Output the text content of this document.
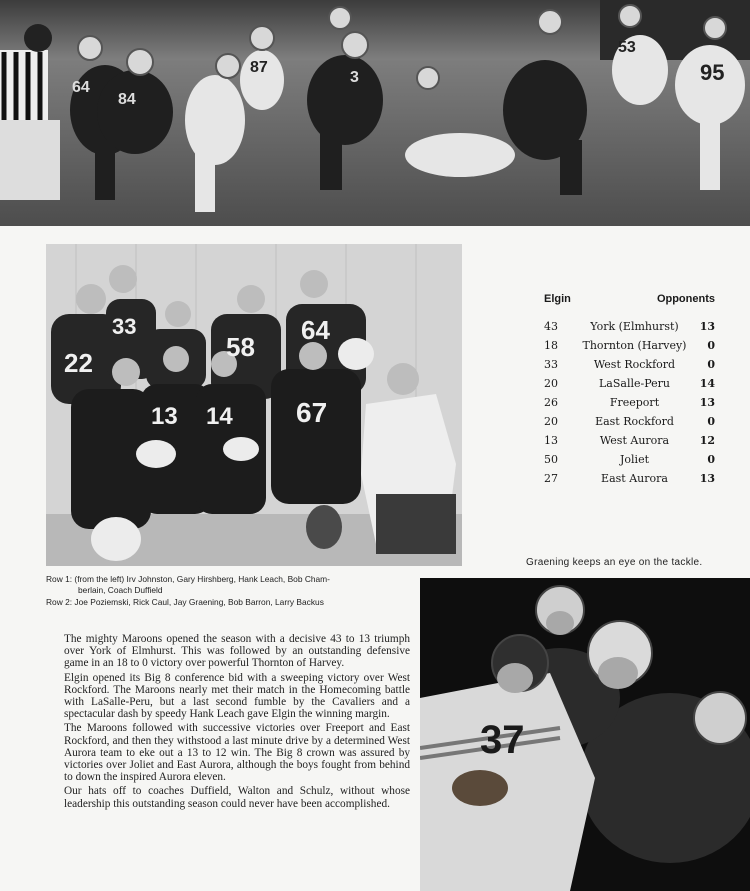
64
84
87
3
53
95
22
33
58
64
13 14 67
Row 1: (from the left) Irv Johnston, Gary Hirshberg, Hank Leach, Bob Cham-
berlain, Coach Duffield
Row 2: Joe Poziemski, Rick Caul, Jay Graening, Bob Barron, Larry Backus
Elgin	Opponents
43	York (Elmhurst)	13
18	Thornton (Harvey)	0
33	West Rockford	0
20	LaSalle-Peru	14
26	Freeport	13
20	East Rockford	0
13	West Aurora	12
50	Joliet	0
27	East Aurora	13
Graening keeps an eye on the tackle.
37

The mighty Maroons opened the season with a decisive 43 to 13 triumph over York of Elmhurst. This was followed by an outstanding defensive game in an 18 to 0 victory over powerful Thornton of Harvey.

Elgin opened its Big 8 conference bid with a sweeping victory over West Rockford. The Maroons nearly met their match in the Homecoming battle with LaSalle-Peru, but a last second fumble by the Cavaliers and a spectacular dash by speedy Hank Leach gave Elgin the winning margin.

The Maroons followed with successive victories over Freeport and East Rockford, and then they withstood a last minute drive by a determined West Aurora team to eke out a 13 to 12 win. The Big 8 crown was assured by victories over Joliet and East Aurora, although the boys fought from behind to down the inspired Aurora eleven.

Our hats off to coaches Duffield, Walton and Schulz, without whose leadership this outstanding season could never have been accomplished.
